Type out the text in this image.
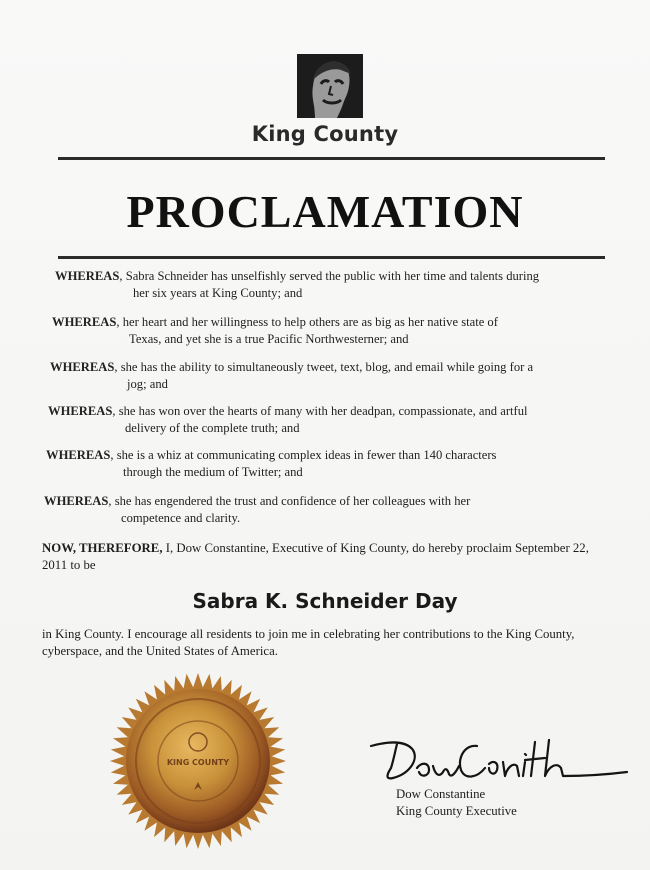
King County
PROCLAMATION
WHEREAS, Sabra Schneider has unselfishly served the public with her time and talents during
her six years at King County; and
WHEREAS, her heart and her willingness to help others are as big as her native state of
Texas, and yet she is a true Pacific Northwesterner; and
WHEREAS, she has the ability to simultaneously tweet, text, blog, and email while going for a
jog; and
WHEREAS, she has won over the hearts of many with her deadpan, compassionate, and artful
delivery of the complete truth; and
WHEREAS, she is a whiz at communicating complex ideas in fewer than 140 characters
through the medium of Twitter; and
WHEREAS, she has engendered the trust and confidence of her colleagues with her
competence and clarity.
NOW, THEREFORE, I, Dow Constantine, Executive of King County, do hereby proclaim September 22, 2011 to be
Sabra K. Schneider Day
in King County. I encourage all residents to join me in celebrating her contributions to the King County, cyberspace, and the United States of America.
KING COUNTY
Dow Constantine
King County Executive
